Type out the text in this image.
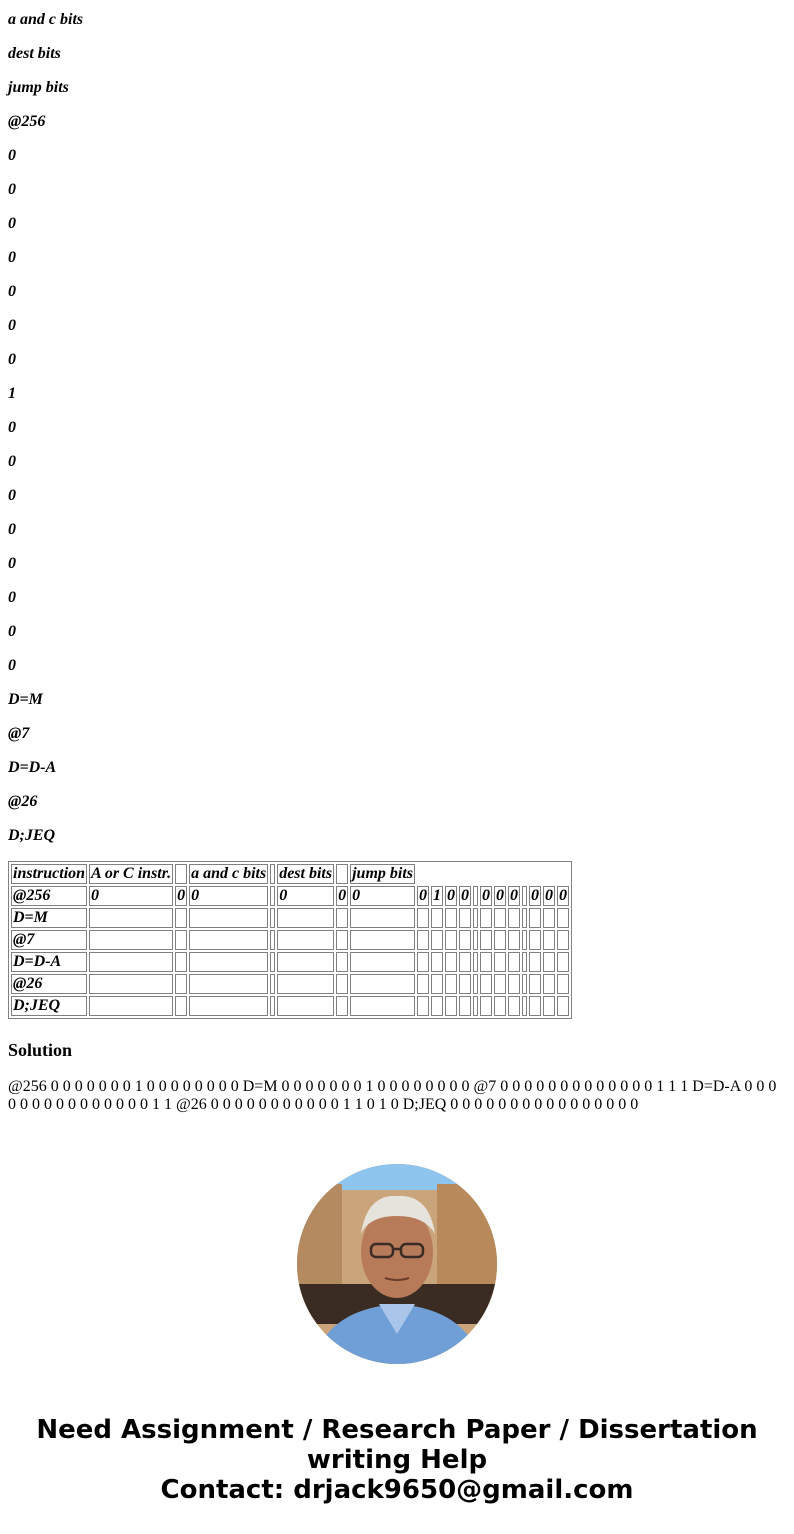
a and c bits
dest bits
jump bits
@256
0
0
0
0
0
0
0
1
0
0
0
0
0
0
0
0
D=M
@7
D=D-A
@26
D;JEQ
instruction	A or C instr.		a and c bits		dest bits		jump bits												
@256	0	0	0		0	0	0	0	1	0	0		0	0	0		0	0	0
D=M																			
@7																			
D=D-A																			
@26																			
D;JEQ																			
Solution

@256 0 0 0 0 0 0 0 1 0 0 0 0 0 0 0 0 D=M 0 0 0 0 0 0 0 1 0 0 0 0 0 0 0 0 @7 0 0 0 0 0 0 0 0 0 0 0 0 0 1 1 1 D=D-A 0 0 0 0 0 0 0 0 0 0 0 0 0 0 0 1 1 @26 0 0 0 0 0 0 0 0 0 0 0 1 1 0 1 0 D;JEQ 0 0 0 0 0 0 0 0 0 0 0 0 0 0 0 0

Need Assignment / Research Paper / Dissertation
writing Help
Contact: drjack9650@gmail.com
